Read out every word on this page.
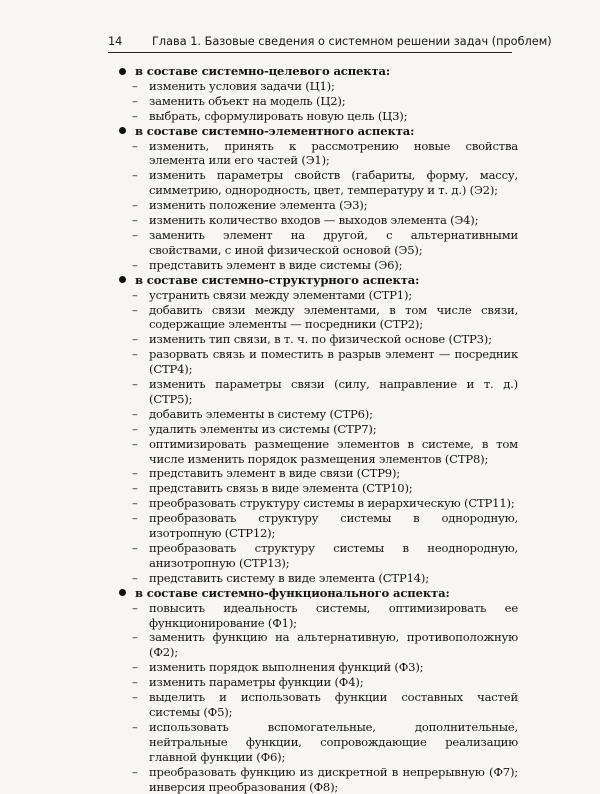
14	Глава 1. Базовые сведения о системном решении задач (проблем)
в составе системно-целевого аспекта:
– изменить условия задачи (Ц1);
– заменить объект на модель (Ц2);
– выбрать, сформулировать новую цель (Ц3);
в составе системно-элементного аспекта:
– изменить, принять к рассмотрению новые свойства элемента или его частей (Э1);
– изменить параметры свойств (габариты, форму, массу, симметрию, однородность, цвет, температуру и т. д.) (Э2);
– изменить положение элемента (Э3);
– изменить количество входов — выходов элемента (Э4);
– заменить элемент на другой, с альтернативными свойствами, с иной физической основой (Э5);
– представить элемент в виде системы (Э6);
в составе системно-структурного аспекта:
– устранить связи между элементами (СТР1);
– добавить связи между элементами, в том числе связи, содержащие элементы — посредники (СТР2);
– изменить тип связи, в т. ч. по физической основе (СТР3);
– разорвать связь и поместить в разрыв элемент — посредник (СТР4);
– изменить параметры связи (силу, направление и т. д.) (СТР5);
– добавить элементы в систему (СТР6);
– удалить элементы из системы (СТР7);
– оптимизировать размещение элементов в системе, в том числе изменить порядок размещения элементов (СТР8);
– представить элемент в виде связи (СТР9);
– представить связь в виде элемента (СТР10);
– преобразовать структуру системы в иерархическую (СТР11);
– преобразовать структуру системы в однородную, изотропную (СТР12);
– преобразовать структуру системы в неоднородную, анизотропную (СТР13);
– представить систему в виде элемента (СТР14);
в составе системно-функционального аспекта:
– повысить идеальность системы, оптимизировать ее функционирование (Ф1);
– заменить функцию на альтернативную, противоположную (Ф2);
– изменить порядок выполнения функций (Ф3);
– изменить параметры функции (Ф4);
– выделить и использовать функции составных частей системы (Ф5);
– использовать вспомогательные, дополнительные, нейтральные функции, сопровождающие реализацию главной функции (Ф6);
– преобразовать функцию из дискретной в непрерывную (Ф7); инверсия преобразования (Ф8);
